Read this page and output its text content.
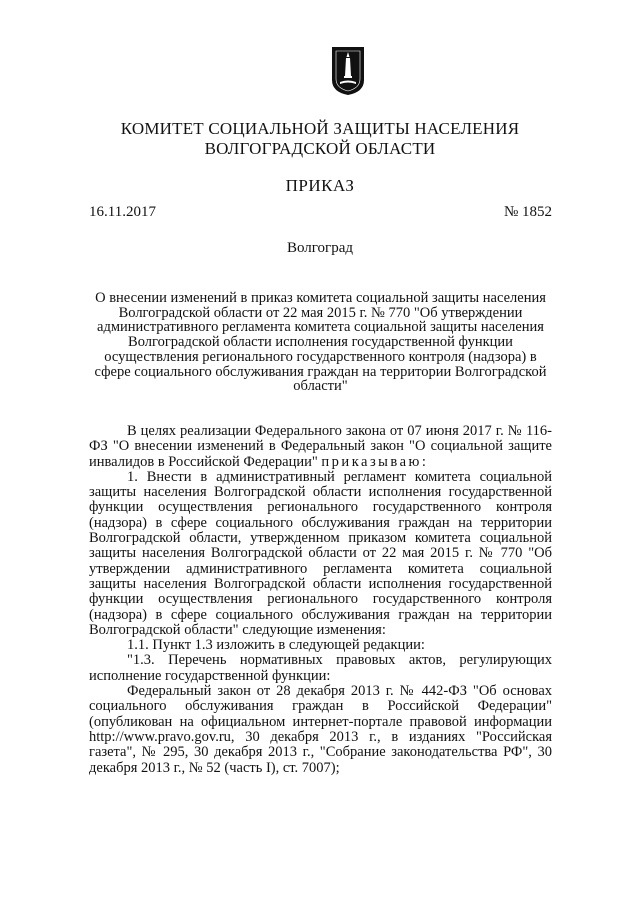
КОМИТЕТ СОЦИАЛЬНОЙ ЗАЩИТЫ НАСЕЛЕНИЯ
ВОЛГОГРАДСКОЙ ОБЛАСТИ
ПРИКАЗ
16.11.2017	№ 1852
Волгоград
О внесении изменений в приказ комитета социальной защиты населения Волгоградской области от 22 мая 2015 г. № 770 "Об утверждении административного регламента комитета социальной защиты населения Волгоградской области исполнения государственной функции осуществления регионального государственного контроля (надзора) в сфере социального обслуживания граждан на территории Волгоградской области"

В целях реализации Федерального закона от 07 июня 2017 г. № 116-ФЗ "О внесении изменений в Федеральный закон "О социальной защите инвалидов в Российской Федерации" приказываю:

1. Внести в административный регламент комитета социальной защиты населения Волгоградской области исполнения государственной функции осуществления регионального государственного контроля (надзора) в сфере социального обслуживания граждан на территории Волгоградской области, утвержденном приказом комитета социальной защиты населения Волгоградской области от 22 мая 2015 г. № 770 "Об утверждении административного регламента комитета социальной защиты населения Волгоградской области исполнения государственной функции осуществления регионального государственного контроля (надзора) в сфере социального обслуживания граждан на территории Волгоградской области" следующие изменения:

1.1. Пункт 1.3 изложить в следующей редакции:

"1.3. Перечень нормативных правовых актов, регулирующих исполнение государственной функции:

Федеральный закон от 28 декабря 2013 г. № 442-ФЗ "Об основах социального обслуживания граждан в Российской Федерации" (опубликован на официальном интернет-портале правовой информации http://www.pravo.gov.ru, 30 декабря 2013 г., в изданиях "Российская газета", № 295, 30 декабря 2013 г., "Собрание законодательства РФ", 30 декабря 2013 г., № 52 (часть I), ст. 7007);
